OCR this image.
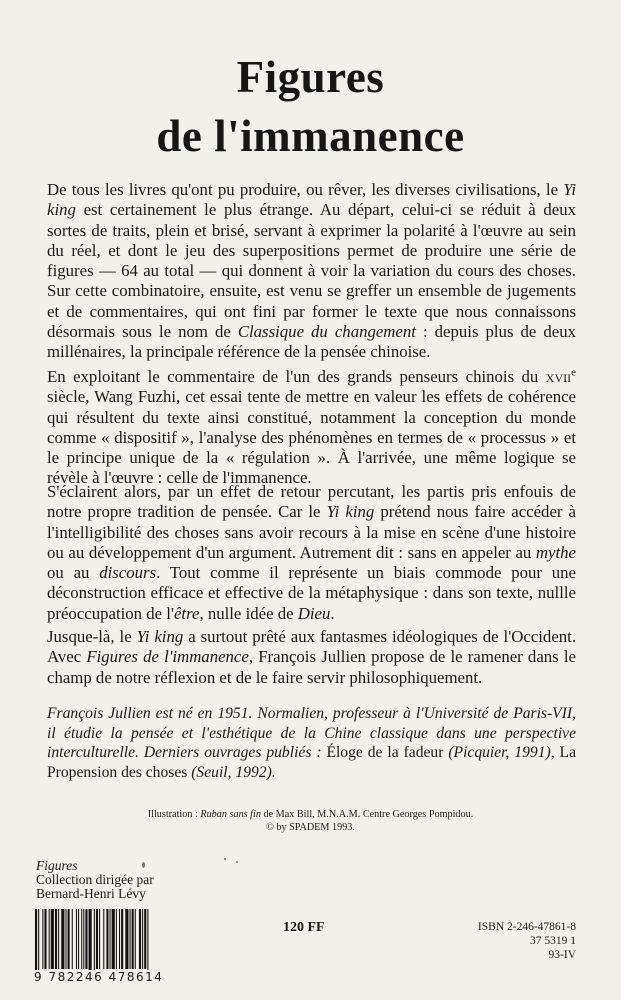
Figures
de l'immanence

De tous les livres qu'ont pu produire, ou rêver, les diverses civilisations, le Yi king est certainement le plus étrange. Au départ, celui-ci se réduit à deux sortes de traits, plein et brisé, servant à exprimer la polarité à l'œuvre au sein du réel, et dont le jeu des superpositions permet de produire une série de figures — 64 au total — qui donnent à voir la variation du cours des choses. Sur cette combinatoire, ensuite, est venu se greffer un ensemble de jugements et de commentaires, qui ont fini par former le texte que nous connaissons désormais sous le nom de Classique du changement : depuis plus de deux millénaires, la principale référence de la pensée chinoise.

En exploitant le commentaire de l'un des grands penseurs chinois du xvii$^e$ siècle, Wang Fuzhi, cet essai tente de mettre en valeur les effets de cohérence qui résultent du texte ainsi constitué, notamment la conception du monde comme « dispositif », l'analyse des phénomènes en termes de « processus » et le principe unique de la « régulation ». À l'arrivée, une même logique se révèle à l'œuvre : celle de l'immanence.

S'éclairent alors, par un effet de retour percutant, les partis pris enfouis de notre propre tradition de pensée. Car le Yi king prétend nous faire accéder à l'intelligibilité des choses sans avoir recours à la mise en scène d'une histoire ou au développement d'un argument. Autrement dit : sans en appeler au mythe ou au discours. Tout comme il représente un biais commode pour une déconstruction efficace et effective de la métaphysique : dans son texte, nullle préoccupation de l'être, nulle idée de Dieu.

Jusque-là, le Yi king a surtout prêté aux fantasmes idéologiques de l'Occident. Avec Figures de l'immanence, François Jullien propose de le ramener dans le champ de notre réflexion et de le faire servir philosophiquement.

François Jullien est né en 1951. Normalien, professeur à l'Université de Paris-VII, il étudie la pensée et l'esthétique de la Chine classique dans une perspective interculturelle. Derniers ouvrages publiés : Éloge de la fadeur (Picquier, 1991), La Propension des choses (Seuil, 1992).
Illustration : Ruban sans fin de Max Bill, M.N.A.M. Centre Georges Pompidou.
© by SPADEM 1993.
Figures
Collection dirigée par
Bernard-Henri Lévy
9 782246 478614
120 FF	ISBN 2-246-47861-8
37 5319 1
93-IV
